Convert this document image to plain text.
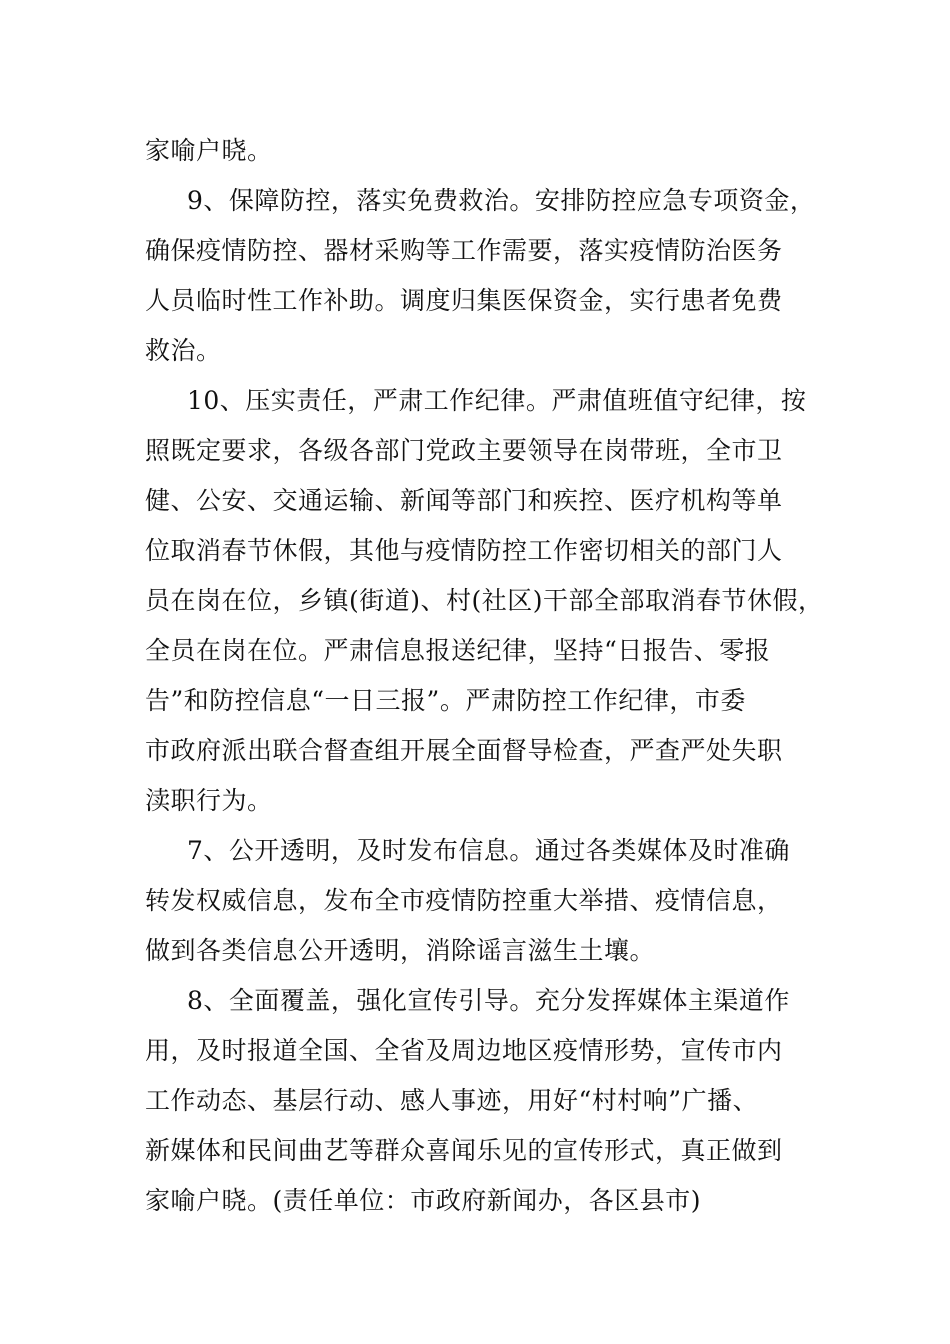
家喻户晓。
9、保障防控，落实免费救治。安排防控应急专项资金，
确保疫情防控、器材采购等工作需要，落实疫情防治医务
人员临时性工作补助。调度归集医保资金，实行患者免费
救治。
10、压实责任，严肃工作纪律。严肃值班值守纪律，按
照既定要求，各级各部门党政主要领导在岗带班，全市卫
健、公安、交通运输、新闻等部门和疾控、医疗机构等单
位取消春节休假，其他与疫情防控工作密切相关的部门人
员在岗在位，乡镇(街道)、村(社区)干部全部取消春节休假，
全员在岗在位。严肃信息报送纪律，坚持“日报告、零报
告”和防控信息“一日三报”。严肃防控工作纪律，市委
市政府派出联合督查组开展全面督导检查，严查严处失职
渎职行为。
7、公开透明，及时发布信息。通过各类媒体及时准确
转发权威信息，发布全市疫情防控重大举措、疫情信息，
做到各类信息公开透明，消除谣言滋生土壤。
8、全面覆盖，强化宣传引导。充分发挥媒体主渠道作
用，及时报道全国、全省及周边地区疫情形势，宣传市内
工作动态、基层行动、感人事迹，用好“村村响”广播、
新媒体和民间曲艺等群众喜闻乐见的宣传形式，真正做到
家喻户晓。(责任单位：市政府新闻办，各区县市)
